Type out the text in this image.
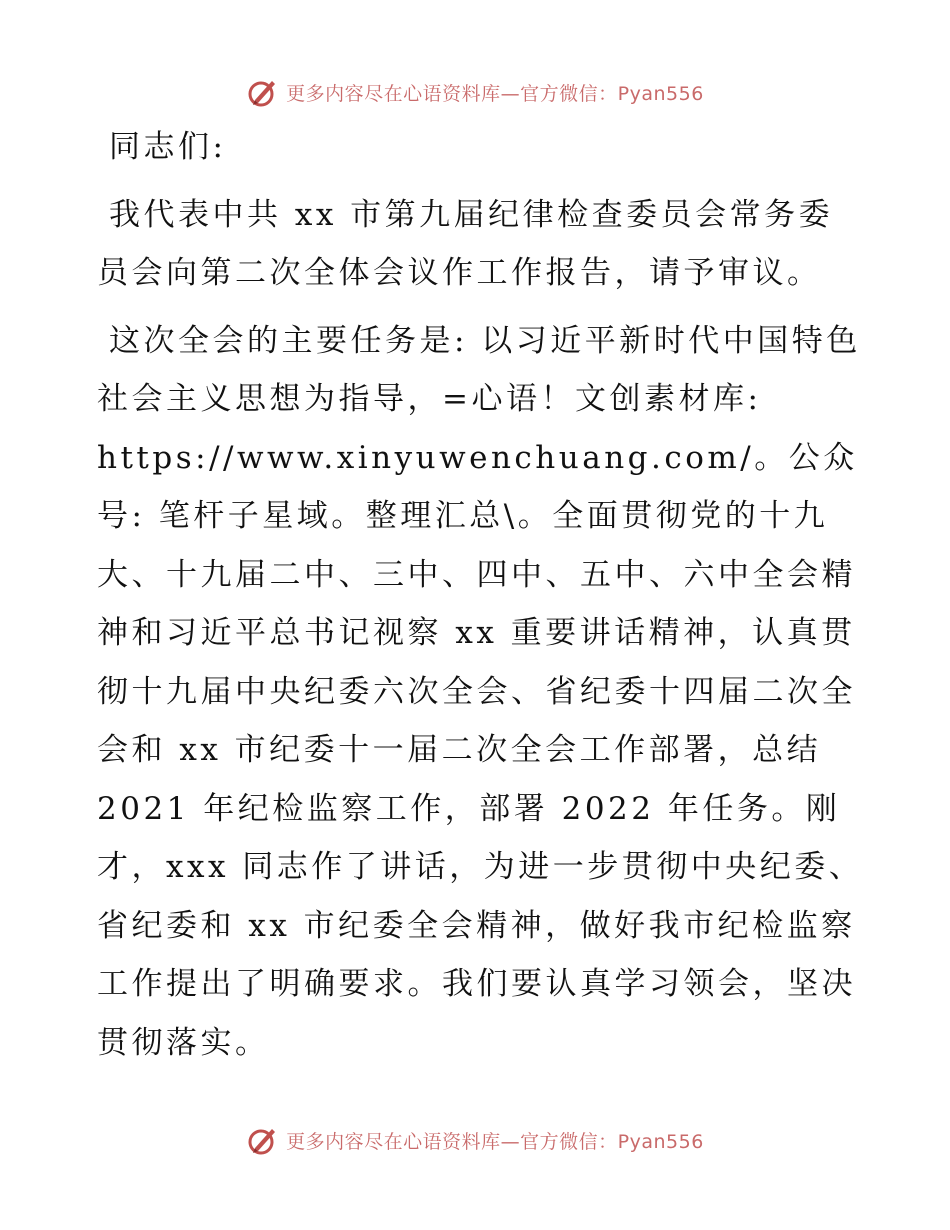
更多内容尽在心语资料库—官方微信：Pyan556

同志们:

我代表中共 xx 市第九届纪律检查委员会常务委员会向第二次全体会议作工作报告，请予审议。

这次全会的主要任务是: 以习近平新时代中国特色社会主义思想为指导，=心语！文创素材库: https://www.xinyuwenchuang.com/。公众号: 笔杆子星域。整理汇总\。全面贯彻党的十九大、十九届二中、三中、四中、五中、六中全会精神和习近平总书记视察 xx 重要讲话精神，认真贯彻十九届中央纪委六次全会、省纪委十四届二次全会和 xx 市纪委十一届二次全会工作部署，总结 2021 年纪检监察工作，部署 2022 年任务。刚才，xxx 同志作了讲话，为进一步贯彻中央纪委、省纪委和 xx 市纪委全会精神，做好我市纪检监察工作提出了明确要求。我们要认真学习领会，坚决贯彻落实。

更多内容尽在心语资料库—官方微信：Pyan556
